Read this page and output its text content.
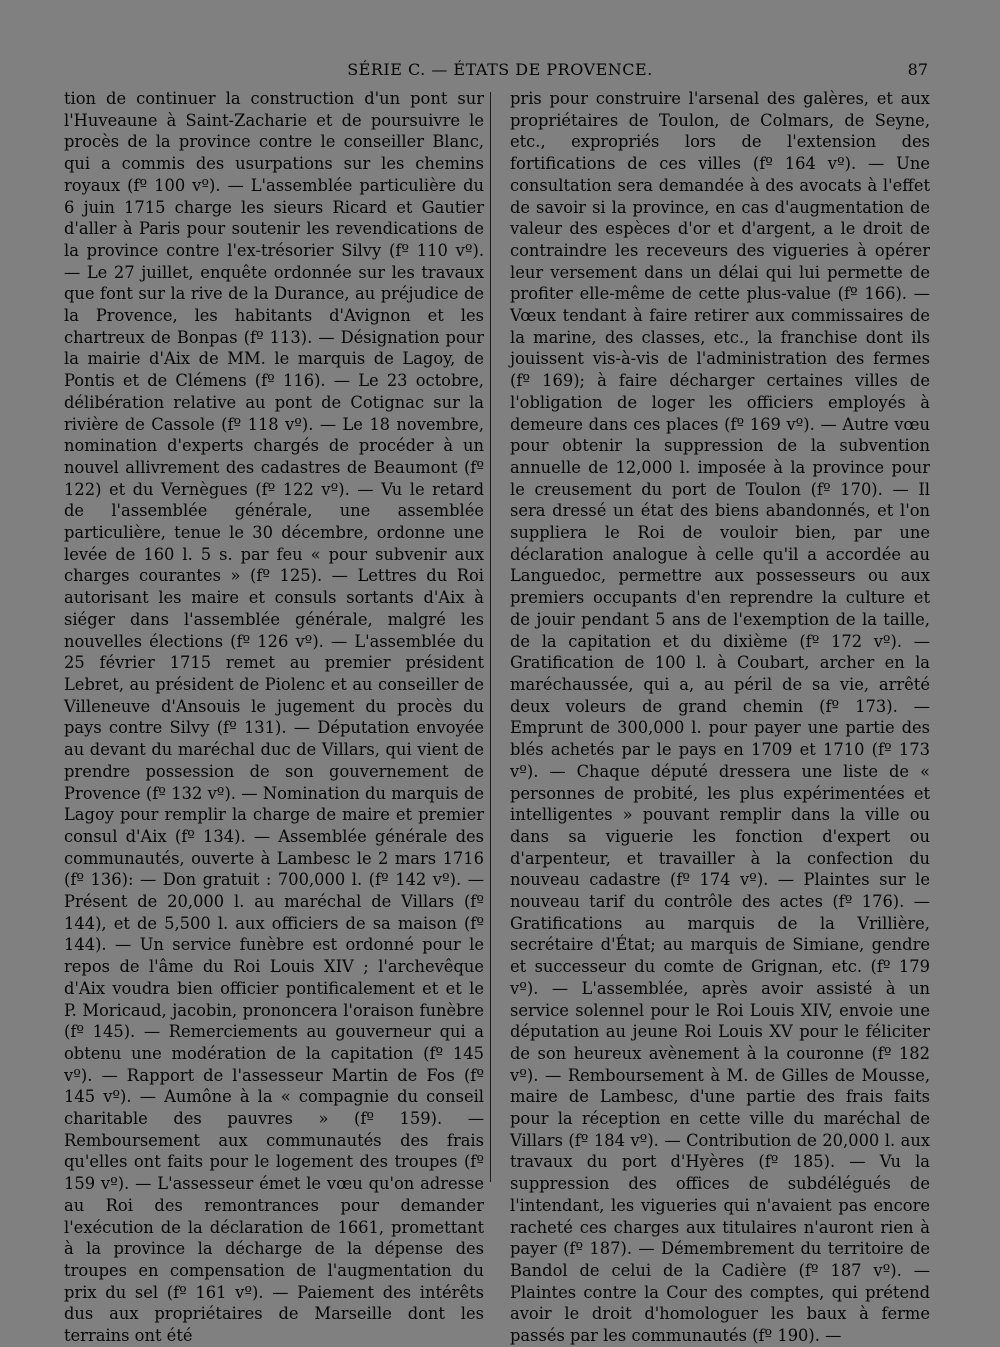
SÉRIE C. — ÉTATS DE PROVENCE.	87

tion de continuer la construction d'un pont sur l'Huveaune à Saint-Zacharie et de poursuivre le procès de la province contre le conseiller Blanc, qui a commis des usurpations sur les chemins royaux (fº 100 vº). — L'assemblée particulière du 6 juin 1715 charge les sieurs Ricard et Gautier d'aller à Paris pour soutenir les revendications de la province contre l'ex-trésorier Silvy (fº 110 vº). — Le 27 juillet, enquête ordonnée sur les travaux que font sur la rive de la Durance, au préjudice de la Provence, les habitants d'Avignon et les chartreux de Bonpas (fº 113). — Désignation pour la mairie d'Aix de MM. le marquis de Lagoy, de Pontis et de Clémens (fº 116). — Le 23 octobre, délibération relative au pont de Cotignac sur la rivière de Cassole (fº 118 vº). — Le 18 novembre, nomination d'experts chargés de procéder à un nouvel allivrement des cadastres de Beaumont (fº 122) et du Vernègues (fº 122 vº). — Vu le retard de l'assemblée générale, une assemblée particulière, tenue le 30 décembre, ordonne une levée de 160 l. 5 s. par feu « pour subvenir aux charges courantes » (fº 125). — Lettres du Roi autorisant les maire et consuls sortants d'Aix à siéger dans l'assemblée générale, malgré les nouvelles élections (fº 126 vº). — L'assemblée du 25 février 1715 remet au premier président Lebret, au président de Piolenc et au conseiller de Villeneuve d'Ansouis le jugement du procès du pays contre Silvy (fº 131). — Députation envoyée au devant du maréchal duc de Villars, qui vient de prendre possession de son gouvernement de Provence (fº 132 vº). — Nomination du marquis de Lagoy pour remplir la charge de maire et premier consul d'Aix (fº 134). — Assemblée générale des communautés, ouverte à Lambesc le 2 mars 1716 (fº 136): — Don gratuit : 700,000 l. (fº 142 vº). — Présent de 20,000 l. au maréchal de Villars (fº 144), et de 5,500 l. aux officiers de sa maison (fº 144). — Un service funèbre est ordonné pour le repos de l'âme du Roi Louis XIV ; l'archevêque d'Aix voudra bien officier pontificalement et et le P. Moricaud, jacobin, prononcera l'oraison funèbre (fº 145). — Remerciements au gouverneur qui a obtenu une modération de la capitation (fº 145 vº). — Rapport de l'assesseur Martin de Fos (fº 145 vº). — Aumône à la « compagnie du conseil charitable des pauvres » (fº 159). — Remboursement aux communautés des frais qu'elles ont faits pour le logement des troupes (fº 159 vº). — L'assesseur émet le vœu qu'on adresse au Roi des remontrances pour demander l'exécution de la déclaration de 1661, promettant à la province la décharge de la dépense des troupes en compensation de l'augmentation du prix du sel (fº 161 vº). — Paiement des intérêts dus aux propriétaires de Marseille dont les terrains ont été

pris pour construire l'arsenal des galères, et aux propriétaires de Toulon, de Colmars, de Seyne, etc., expropriés lors de l'extension des fortifications de ces villes (fº 164 vº). — Une consultation sera demandée à des avocats à l'effet de savoir si la province, en cas d'augmentation de valeur des espèces d'or et d'argent, a le droit de contraindre les receveurs des vigueries à opérer leur versement dans un délai qui lui permette de profiter elle-même de cette plus-value (fº 166). — Vœux tendant à faire retirer aux commissaires de la marine, des classes, etc., la franchise dont ils jouissent vis-à-vis de l'administration des fermes (fº 169); à faire décharger certaines villes de l'obligation de loger les officiers employés à demeure dans ces places (fº 169 vº). — Autre vœu pour obtenir la suppression de la subvention annuelle de 12,000 l. imposée à la province pour le creusement du port de Toulon (fº 170). — Il sera dressé un état des biens abandonnés, et l'on suppliera le Roi de vouloir bien, par une déclaration analogue à celle qu'il a accordée au Languedoc, permettre aux possesseurs ou aux premiers occupants d'en reprendre la culture et de jouir pendant 5 ans de l'exemption de la taille, de la capitation et du dixième (fº 172 vº). — Gratification de 100 l. à Coubart, archer en la maréchaussée, qui a, au péril de sa vie, arrêté deux voleurs de grand chemin (fº 173). — Emprunt de 300,000 l. pour payer une partie des blés achetés par le pays en 1709 et 1710 (fº 173 vº). — Chaque député dressera une liste de « personnes de probité, les plus expérimentées et intelligentes » pouvant remplir dans la ville ou dans sa viguerie les fonction d'expert ou d'arpenteur, et travailler à la confection du nouveau cadastre (fº 174 vº). — Plaintes sur le nouveau tarif du contrôle des actes (fº 176). — Gratifications au marquis de la Vrillière, secrétaire d'État; au marquis de Simiane, gendre et successeur du comte de Grignan, etc. (fº 179 vº). — L'assemblée, après avoir assisté à un service solennel pour le Roi Louis XIV, envoie une députation au jeune Roi Louis XV pour le féliciter de son heureux avènement à la couronne (fº 182 vº). — Remboursement à M. de Gilles de Mousse, maire de Lambesc, d'une partie des frais faits pour la réception en cette ville du maréchal de Villars (fº 184 vº). — Contribution de 20,000 l. aux travaux du port d'Hyères (fº 185). — Vu la suppression des offices de subdélégués de l'intendant, les vigueries qui n'avaient pas encore racheté ces charges aux titulaires n'auront rien à payer (fº 187). — Démembrement du territoire de Bandol de celui de la Cadière (fº 187 vº). — Plaintes contre la Cour des comptes, qui prétend avoir le droit d'homologuer les baux à ferme passés par les communautés (fº 190). —
